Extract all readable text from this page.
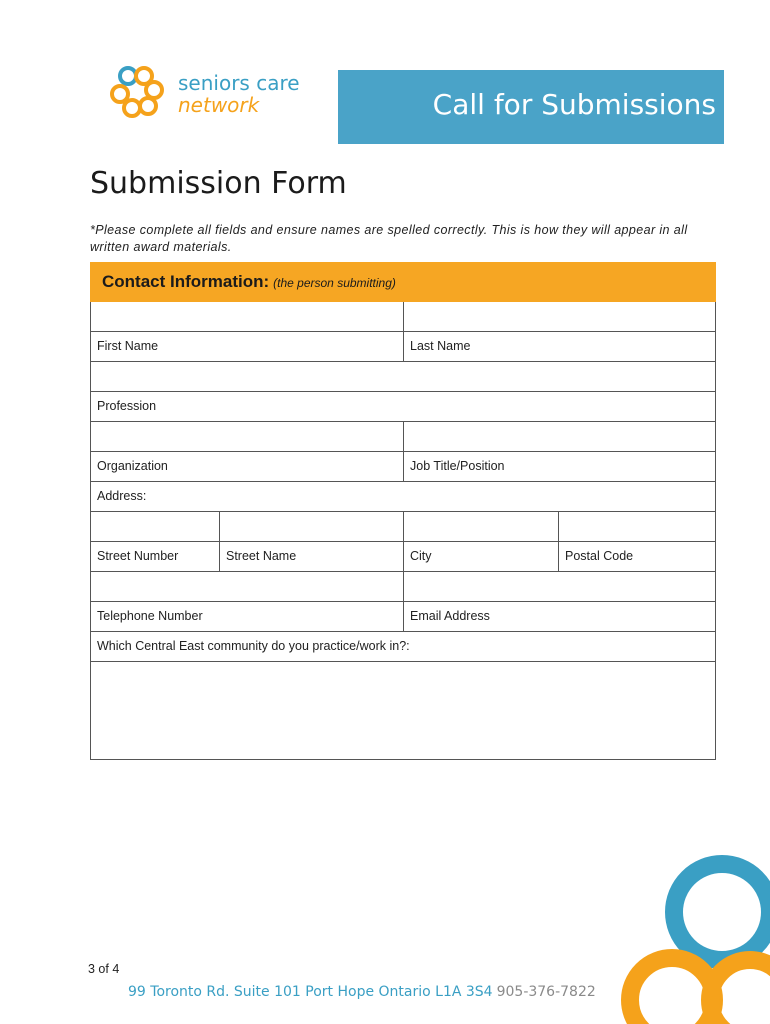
seniors care
network	Call for Submissions
Submission Form
*Please complete all fields and ensure names are spelled correctly. This is how they will appear in all written award materials.
Contact Information: (the person submitting)
First Name	Last Name
Profession
Organization	Job Title/Position
Address:
Street Number	Street Name	City	Postal Code
Telephone Number	Email Address
Which Central East community do you practice/work in?:
3 of 4
99 Toronto Rd. Suite 101 Port Hope Ontario L1A 3S4 905-376-7822
